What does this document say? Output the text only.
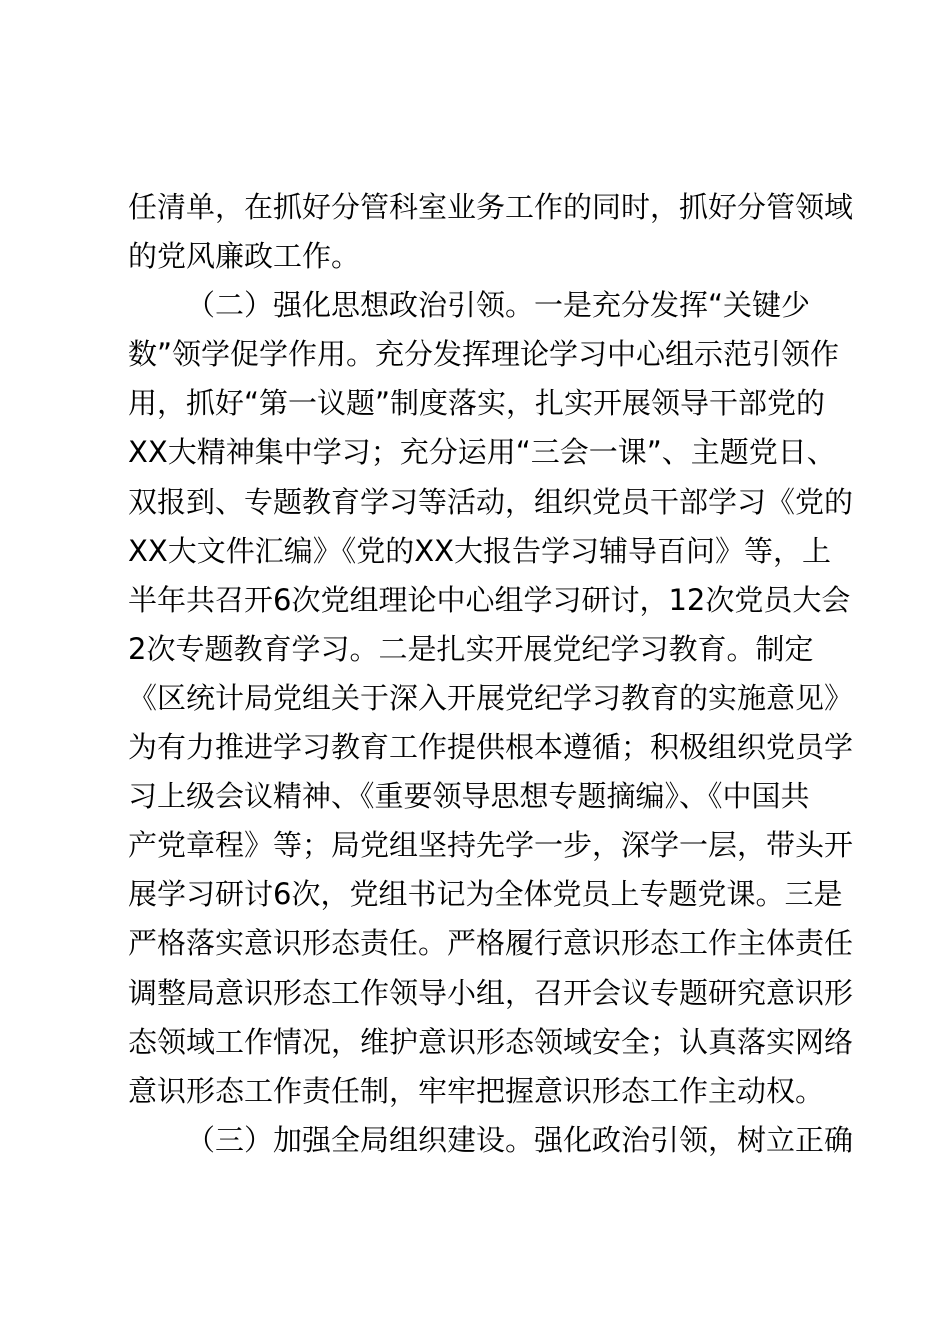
任清单，在抓好分管科室业务工作的同时，抓好分管领域
的党风廉政工作。
（二）强化思想政治引领。一是充分发挥“关键少
数”领学促学作用。充分发挥理论学习中心组示范引领作
用，抓好“第一议题”制度落实，扎实开展领导干部党的
XX大精神集中学习；充分运用“三会一课”、主题党日、
双报到、专题教育学习等活动，组织党员干部学习《党的
XX大文件汇编》《党的XX大报告学习辅导百问》等，上
半年共召开6次党组理论中心组学习研讨，12次党员大会
2次专题教育学习。二是扎实开展党纪学习教育。制定
《区统计局党组关于深入开展党纪学习教育的实施意见》
为有力推进学习教育工作提供根本遵循；积极组织党员学
习上级会议精神、《重要领导思想专题摘编》、《中国共
产党章程》等；局党组坚持先学一步，深学一层，带头开
展学习研讨6次，党组书记为全体党员上专题党课。三是
严格落实意识形态责任。严格履行意识形态工作主体责任
调整局意识形态工作领导小组，召开会议专题研究意识形
态领域工作情况，维护意识形态领域安全；认真落实网络
意识形态工作责任制，牢牢把握意识形态工作主动权。
（三）加强全局组织建设。强化政治引领，树立正确
